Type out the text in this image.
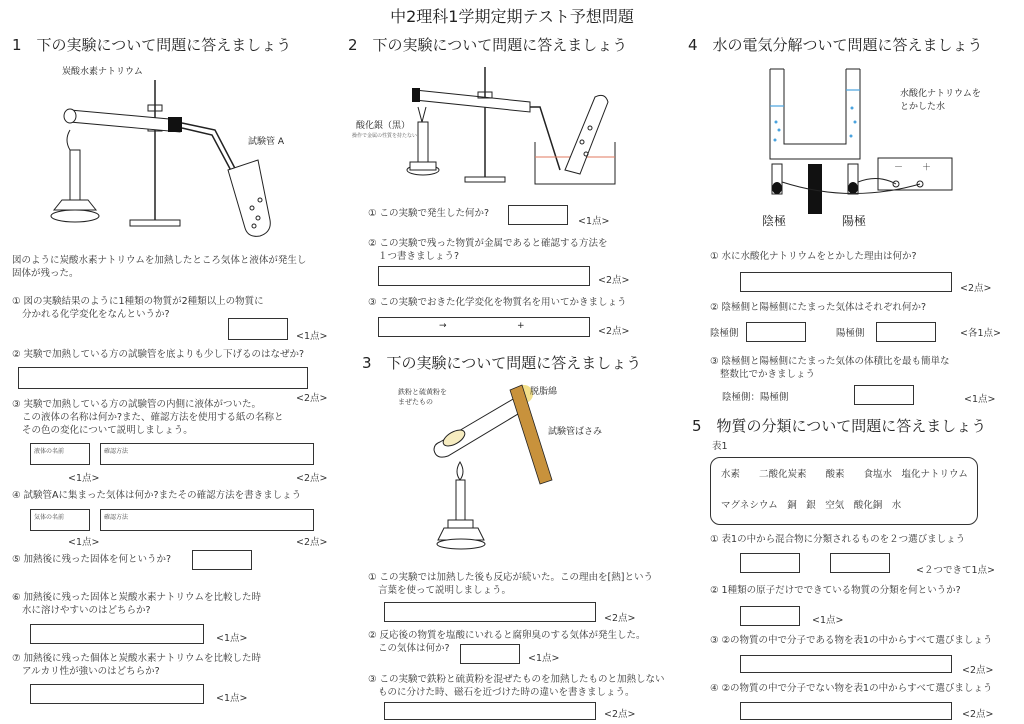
中2理科1学期定期テスト予想問題
1　下の実験について問題に答えましょう
炭酸水素ナトリウム
試験管 A
図のように炭酸水素ナトリウムを加熱したところ気体と液体が発生し
固体が残った。
① 図の実験結果のように1種類の物質が2種類以上の物質に
分かれる化学変化をなんというか?
<1点>
② 実験で加熱している方の試験管を底よりも少し下げるのはなぜか?
<2点>
③ 実験で加熱している方の試験管の内側に液体がついた。
この液体の名称は何か?また、確認方法を使用する紙の名称と
その色の変化について説明しましょう。
液体の名前	確認方法
<1点>	<2点>
④ 試験管Aに集まった気体は何か?またその確認方法を書きましょう
気体の名前	確認方法
<1点>	<2点>
⑤ 加熱後に残った固体を何というか?
⑥ 加熱後に残った固体と炭酸水素ナトリウムを比較した時
水に溶けやすいのはどちらか?
<1点>
⑦ 加熱後に残った個体と炭酸水素ナトリウムを比較した時
アルカリ性が強いのはどちらか?
<1点>
2　下の実験について問題に答えましょう
酸化銀（黒）
操作で金属の性質を持たない
① この実験で発生した何か?
<1点>
② この実験で残った物質が金属であると確認する方法を
１つ書きましょう?
<2点>
③ この実験でおきた化学変化を物質名を用いてかきましょう
→	+	<2点>
3　下の実験について問題に答えましょう
鉄粉と硫黄粉を
まぜたもの
脱脂綿
試験管ばさみ
① この実験では加熱した後も反応が続いた。この理由を[熱]という
言葉を使って説明しましょう。
<2点>
② 反応後の物質を塩酸にいれると腐卵臭のする気体が発生した。
この気体は何か?
<1点>
③ この実験で鉄粉と硫黄粉を混ぜたものを加熱したものと加熱しない
ものに分けた時、磁石を近づけた時の違いを書きましょう。
<2点>
4　水の電気分解ついて問題に答えましょう
－ ＋
水酸化ナトリウムを
とかした水
陰極	陽極
① 水に水酸化ナトリウムをとかした理由は何か?
<2点>
② 陰極側と陽極側にたまった気体はそれぞれ何か?
陰極側	陽極側	<各1点>
③ 陰極側と陽極側にたまった気体の体積比を最も簡単な
整数比でかきましょう
陰極側：陽極側	<1点>
5　物質の分類について問題に答えましょう
表1
水素　　二酸化炭素　　酸素　　食塩水　塩化ナトリウム
マグネシウム　銅　銀　空気　酸化銅　水
① 表1の中から混合物に分類されるものを２つ選びましょう
<２つできて1点>
② 1種類の原子だけでできている物質の分類を何というか?
<1点>
③ ②の物質の中で分子である物を表1の中からすべて選びましょう
<2点>
④ ②の物質の中で分子でない物を表1の中からすべて選びましょう
<2点>
